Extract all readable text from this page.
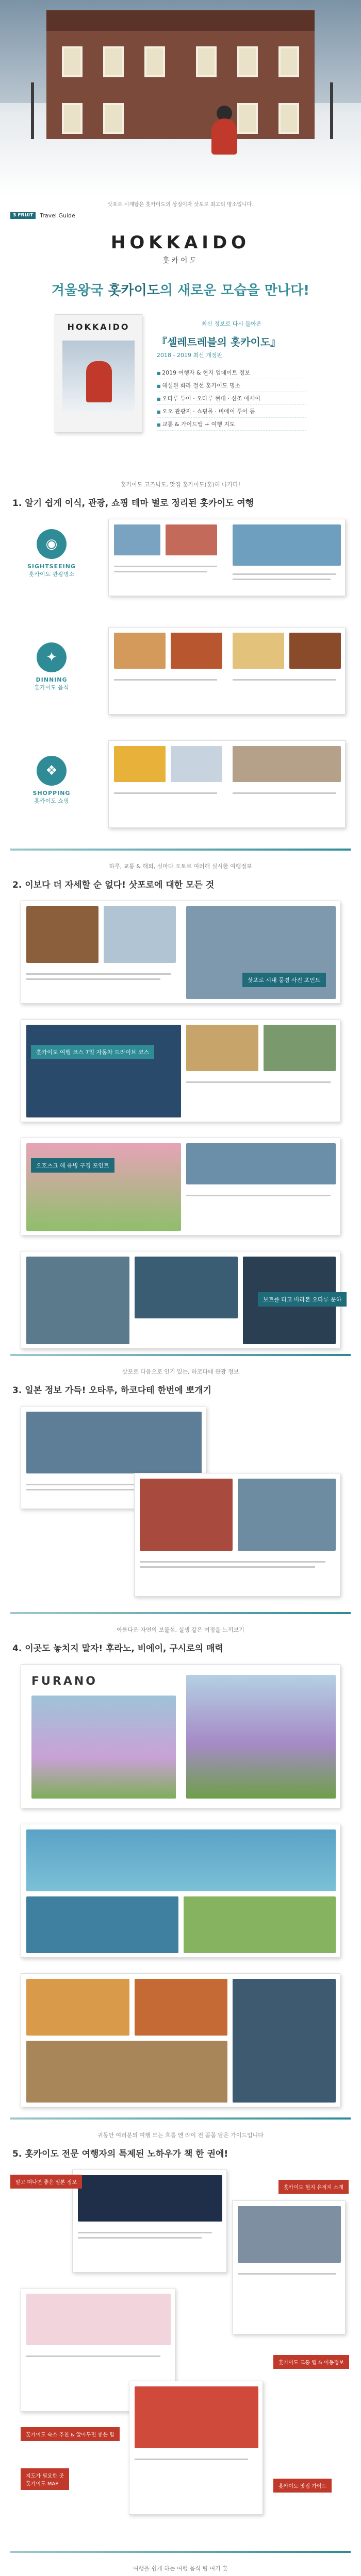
삿포로 시계탑은 홋카이도의 상징이자 삿포로 최고의 명소입니다.
3 FRUIT	Travel Guide
HOKKAIDO
홋카이도
겨울왕국 홋카이도의 새로운 모습을 만나다!
HOKKAIDO	최신 정보로 다시 돌아온
『셀레트레블의 홋카이도』
2018 - 2019 최신 개정판
■ 2019 여행자 & 현지 업데이트 정보
■ 해설된 화라 절선 홋카이도 명소
■ 오타루 투어 · 오타루 현대 · 신조 에세이
■ 오오 관광지 · 쇼핑몰 · 비에이 투어 등
■ 교통 & 가이드맵 + 여행 지도
홋카이도 고즈넉도, 맛집 홋카이도(홋)해 나가다!
1. 알기 쉽게 이식, 관광, 쇼핑 테마 별로 정리된 홋카이도 여행
◉
SIGHTSEEING
홋카이도 관광명소
✦
DINNING
홋카이도 음식
❖
SHOPPING
홋카이도 쇼핑
하루, 교통 & 해외, 실마다 오토로 여러해 실시한 여행정보
2. 이보다 더 자세할 순 없다! 삿포로에 대한 모든 것
삿포로 시내 풍경 사진 포인트
홋카이도 여행 코스 7일 자동차 드라이브 코스
오호츠크 해 유빙 구경 포인트
보트를 타고 바라본 오타루 운하
삿포로 다음으로 인기 있는, 하코다테 관광 정보
3. 일본 정보 가득! 오타루, 하코다테 한번에 뽀개기
아름다운 자연의 보물섬, 실생 같은 여정을 느끼보기
4. 이곳도 놓치지 말자! 후라노, 비에이, 구시로의 매력
FURANO
귀동안 여러분의 여행 모는 흐름 엔 라이 전 꼼꼼 담은 가이드입니다
5. 홋카이도 전문 여행자의 특제된 노하우가 책 한 권에!
알고 떠나면 좋은 일본 정보
홋카이도 현지 유적지 소개
홋카이도 숙소 추천 & 알아두면 좋은 팁
홋카이도 교통 팁 & 이동정보
지도가 필요한 곳
홋카이도 MAP	홋카이도 맛집 가이드
여행을 쉽게 하는 여행 음식 링 여기 홋
